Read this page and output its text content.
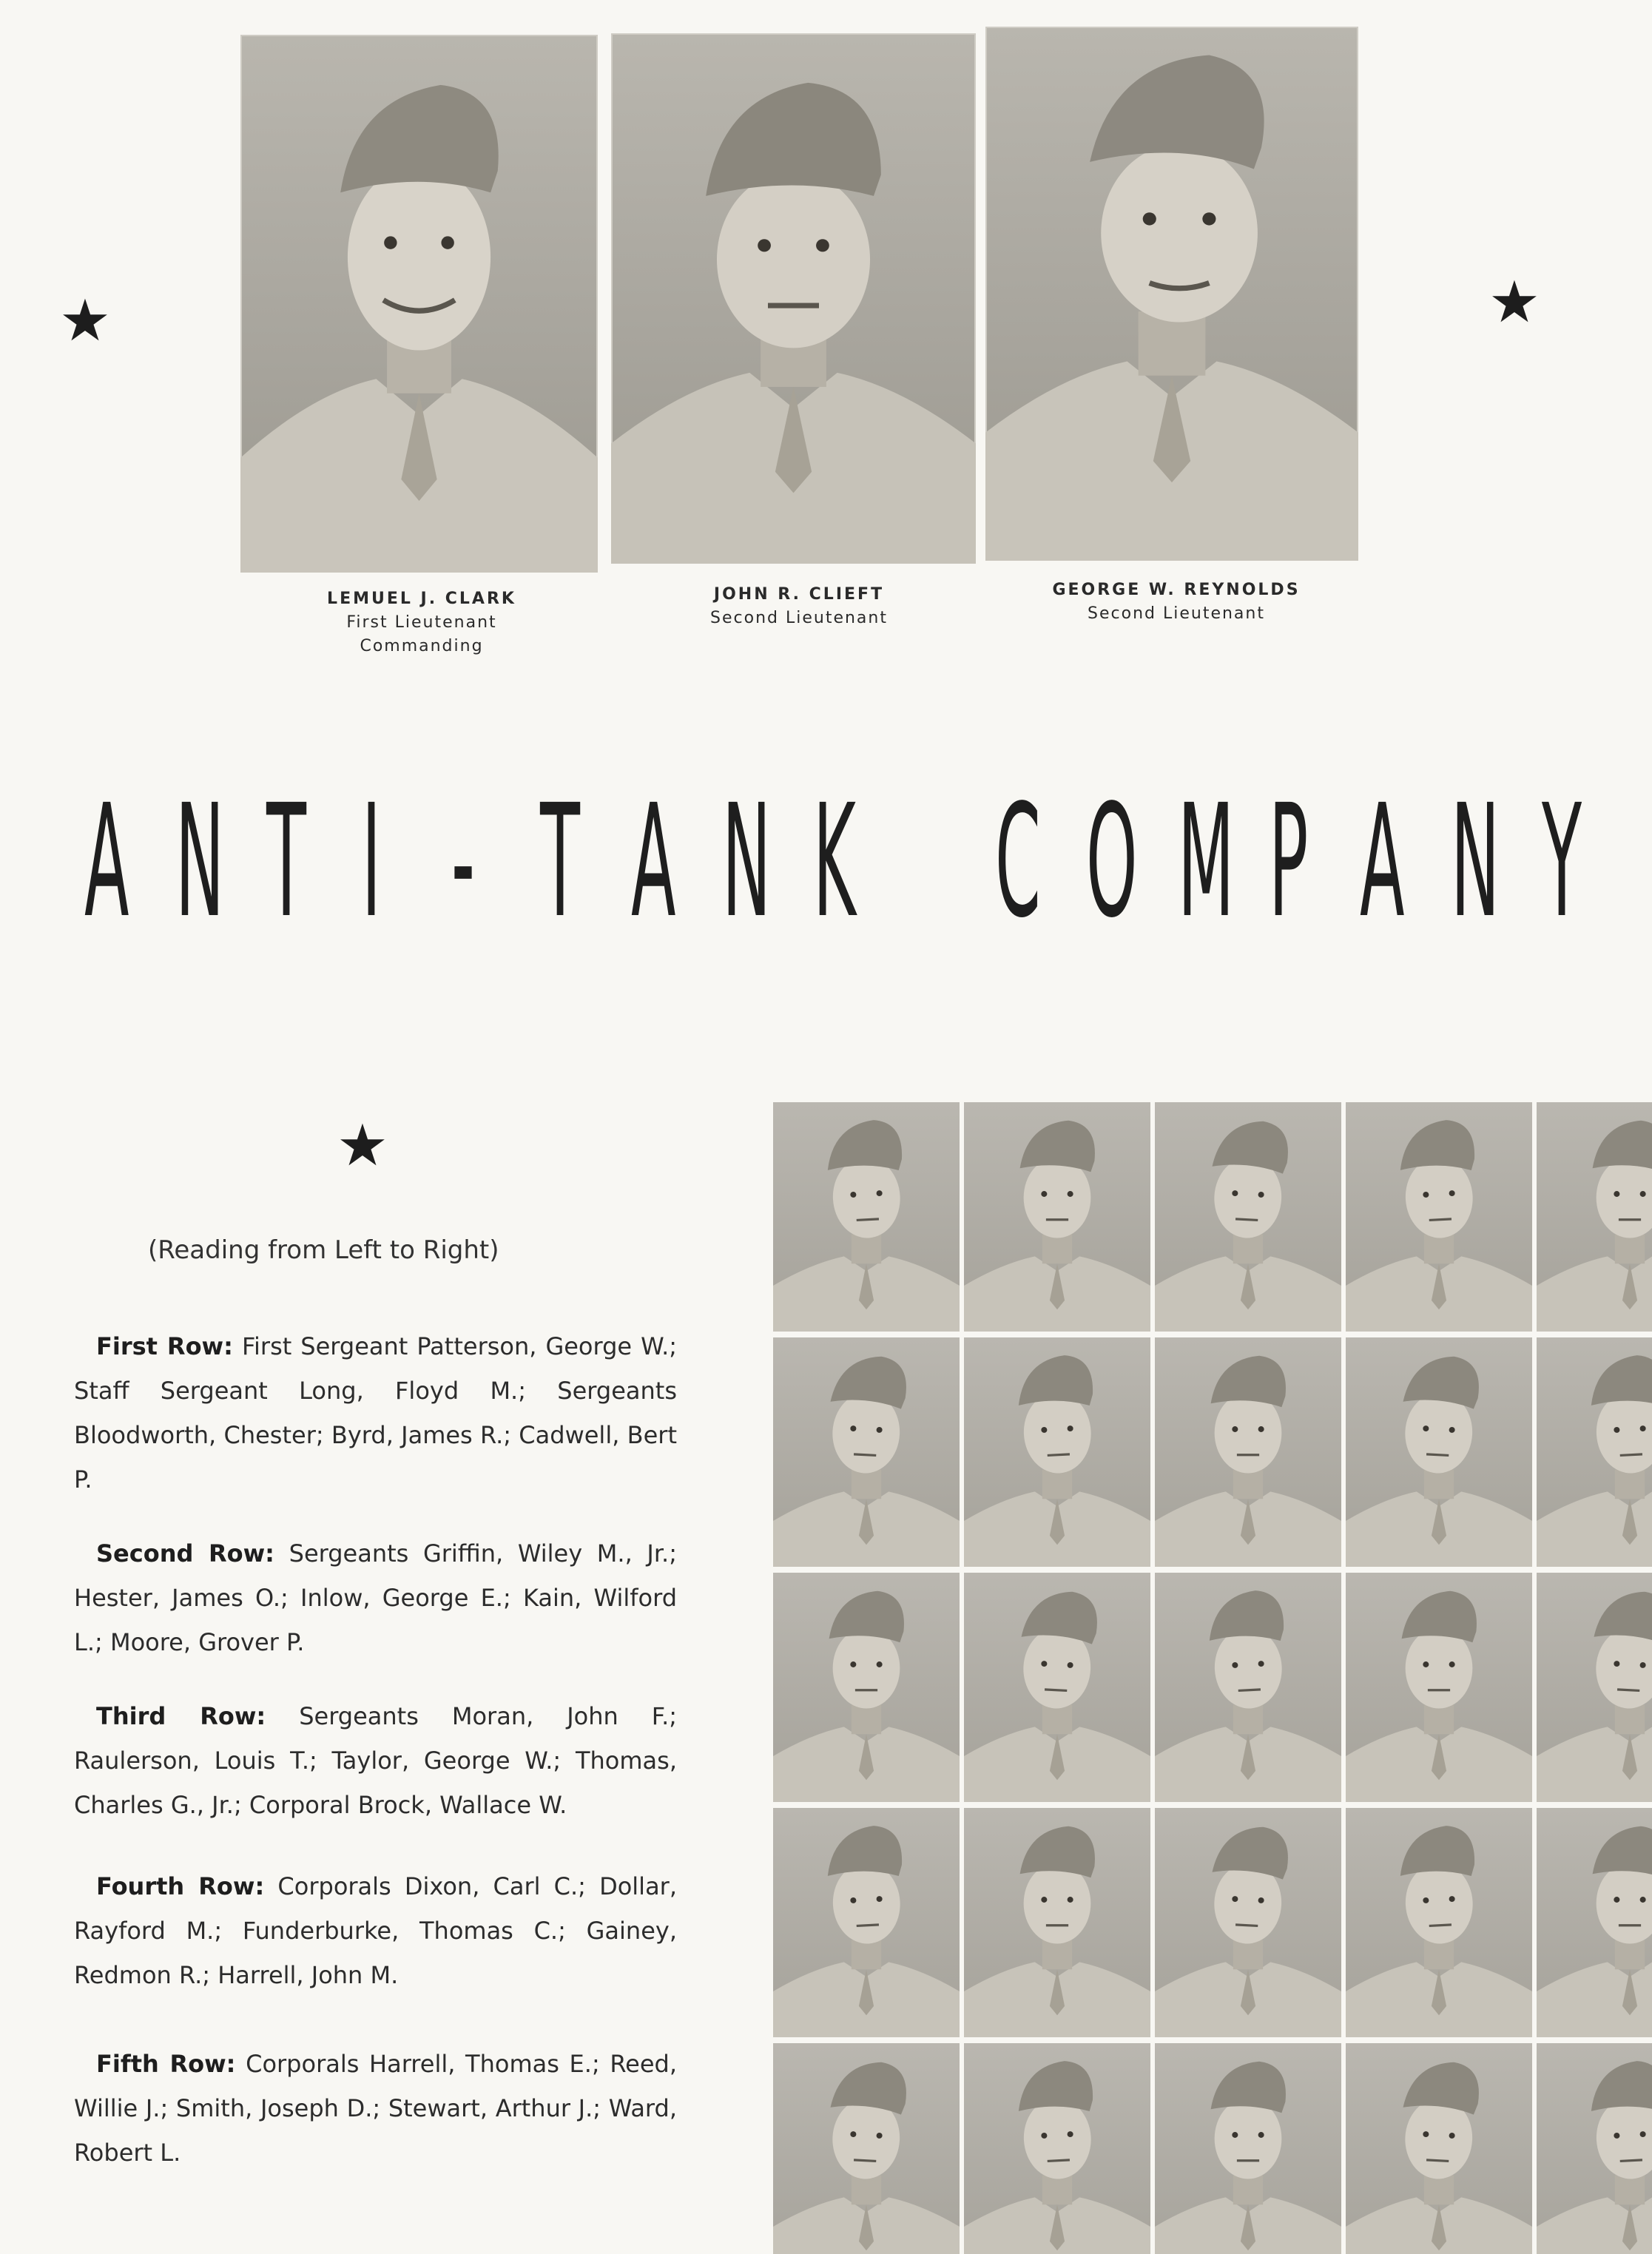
LEMUEL J. CLARK
First Lieutenant
Commanding
JOHN R. CLIEFT
Second Lieutenant
GEORGE W. REYNOLDS
Second Lieutenant
★	★
★
A N T I - T A N K
C O M P A N Y
(Reading from Left to Right)
First Row: First Sergeant Patterson, George W.; Staff Sergeant Long, Floyd M.; Sergeants Bloodworth, Chester; Byrd, James R.; Cadwell, Bert P.
Second Row: Sergeants Griffin, Wiley M., Jr.; Hester, James O.; Inlow, George E.; Kain, Wilford L.; Moore, Grover P.
Third Row: Sergeants Moran, John F.; Raulerson, Louis T.; Taylor, George W.; Thomas, Charles G., Jr.; Corporal Brock, Wallace W.
Fourth Row: Corporals Dixon, Carl C.; Dollar, Rayford M.; Funderburke, Thomas C.; Gainey, Redmon R.; Harrell, John M.
Fifth Row: Corporals Harrell, Thomas E.; Reed, Willie J.; Smith, Joseph D.; Stewart, Arthur J.; Ward, Robert L.
